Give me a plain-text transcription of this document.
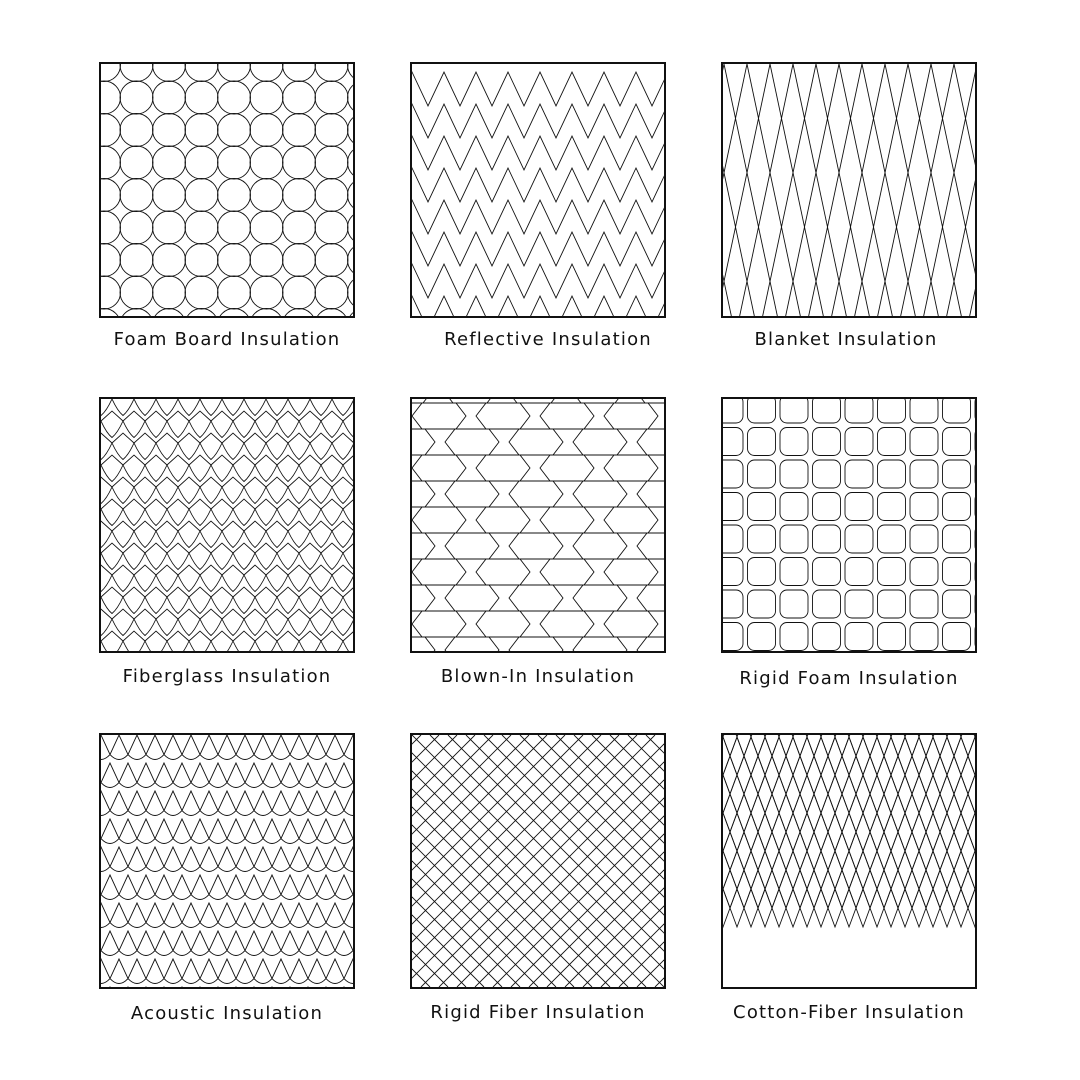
Foam Board Insulation	Reflective Insulation	Blanket Insulation
Fiberglass Insulation	Blown-In Insulation	Rigid Foam Insulation
Acoustic Insulation	Rigid Fiber Insulation	Cotton-Fiber Insulation
